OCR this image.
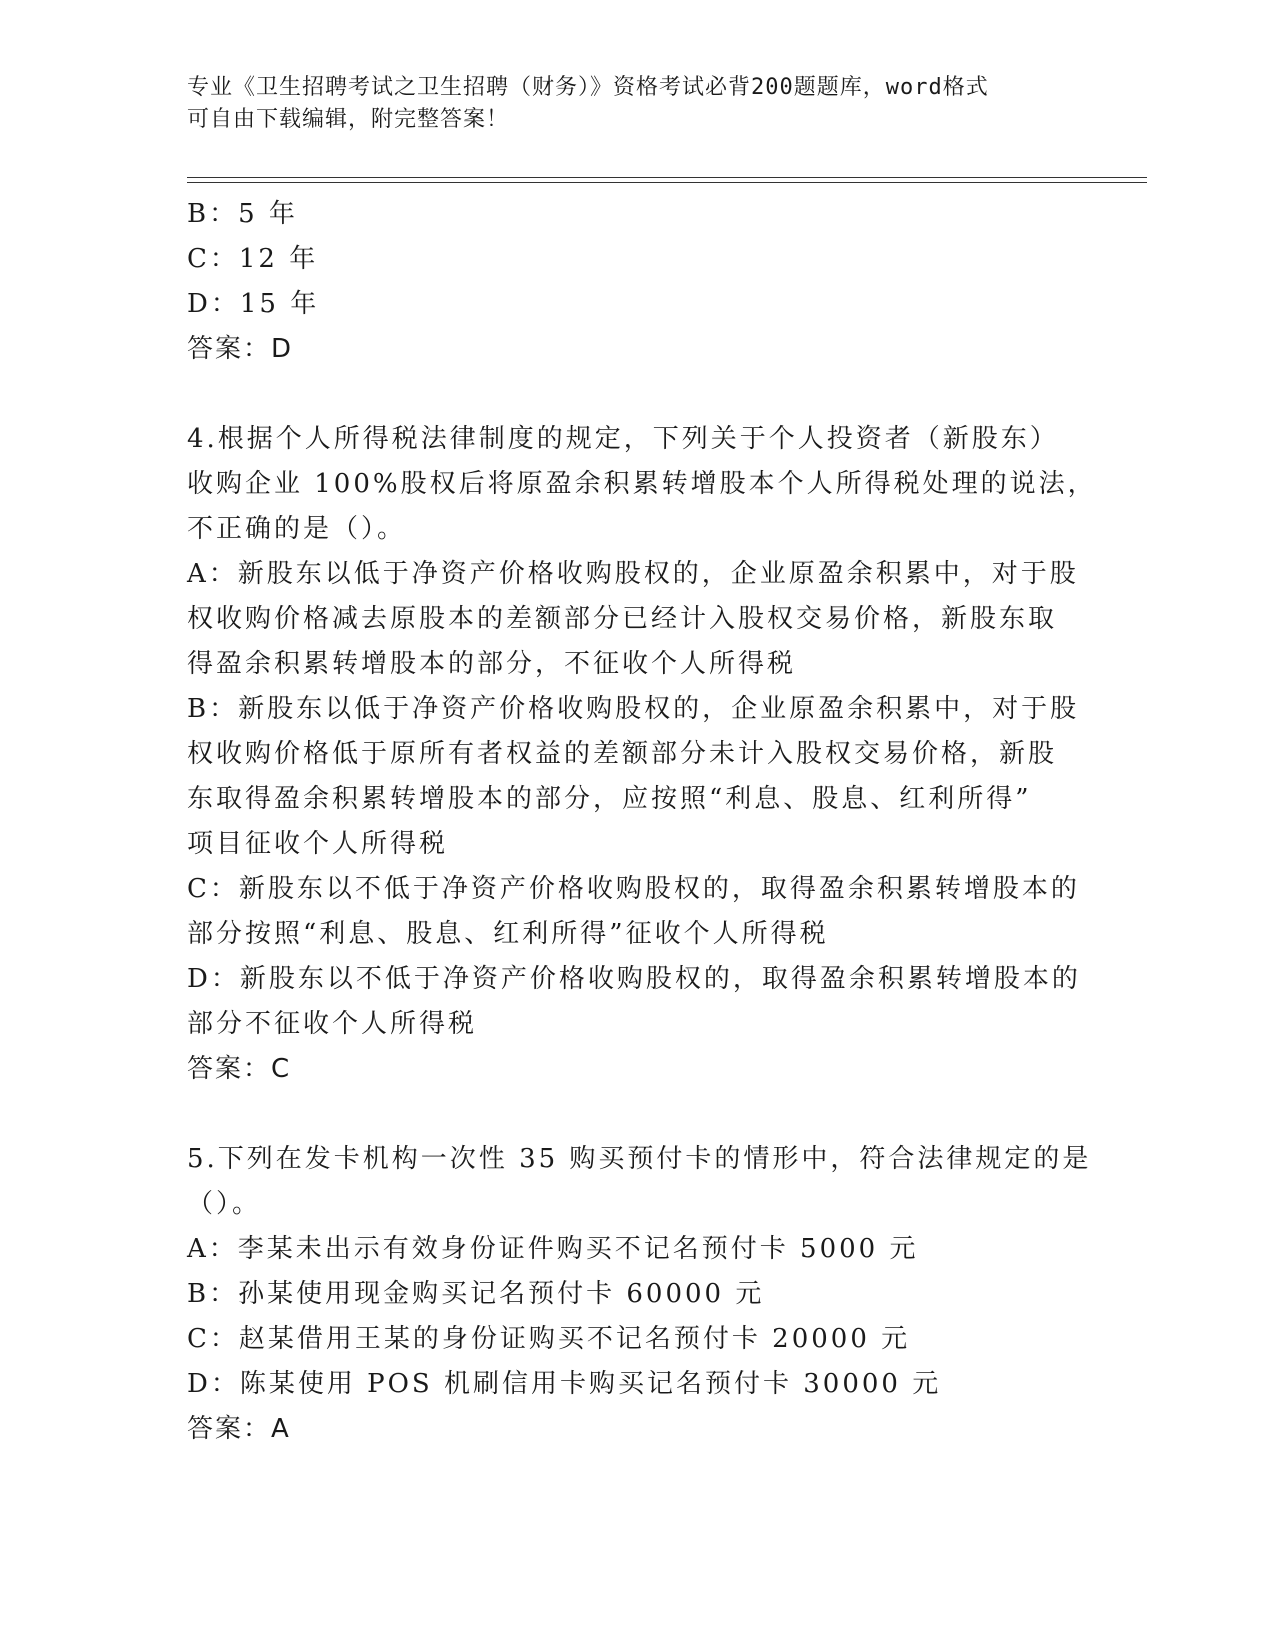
专业《卫生招聘考试之卫生招聘（财务）》资格考试必背200题题库，word格式
可自由下载编辑，附完整答案！
B：5 年
C：12 年
D：15 年
答案：D
4.根据个人所得税法律制度的规定，下列关于个人投资者（新股东）
收购企业 100%股权后将原盈余积累转增股本个人所得税处理的说法，
不正确的是（）。
A：新股东以低于净资产价格收购股权的，企业原盈余积累中，对于股
权收购价格减去原股本的差额部分已经计入股权交易价格，新股东取
得盈余积累转增股本的部分，不征收个人所得税
B：新股东以低于净资产价格收购股权的，企业原盈余积累中，对于股
权收购价格低于原所有者权益的差额部分未计入股权交易价格，新股
东取得盈余积累转增股本的部分，应按照“利息、股息、红利所得”
项目征收个人所得税
C：新股东以不低于净资产价格收购股权的，取得盈余积累转增股本的
部分按照“利息、股息、红利所得”征收个人所得税
D：新股东以不低于净资产价格收购股权的，取得盈余积累转增股本的
部分不征收个人所得税
答案：C
5.下列在发卡机构一次性 35 购买预付卡的情形中，符合法律规定的是
（）。
A：李某未出示有效身份证件购买不记名预付卡 5000 元
B：孙某使用现金购买记名预付卡 60000 元
C：赵某借用王某的身份证购买不记名预付卡 20000 元
D：陈某使用 POS 机刷信用卡购买记名预付卡 30000 元
答案：A
